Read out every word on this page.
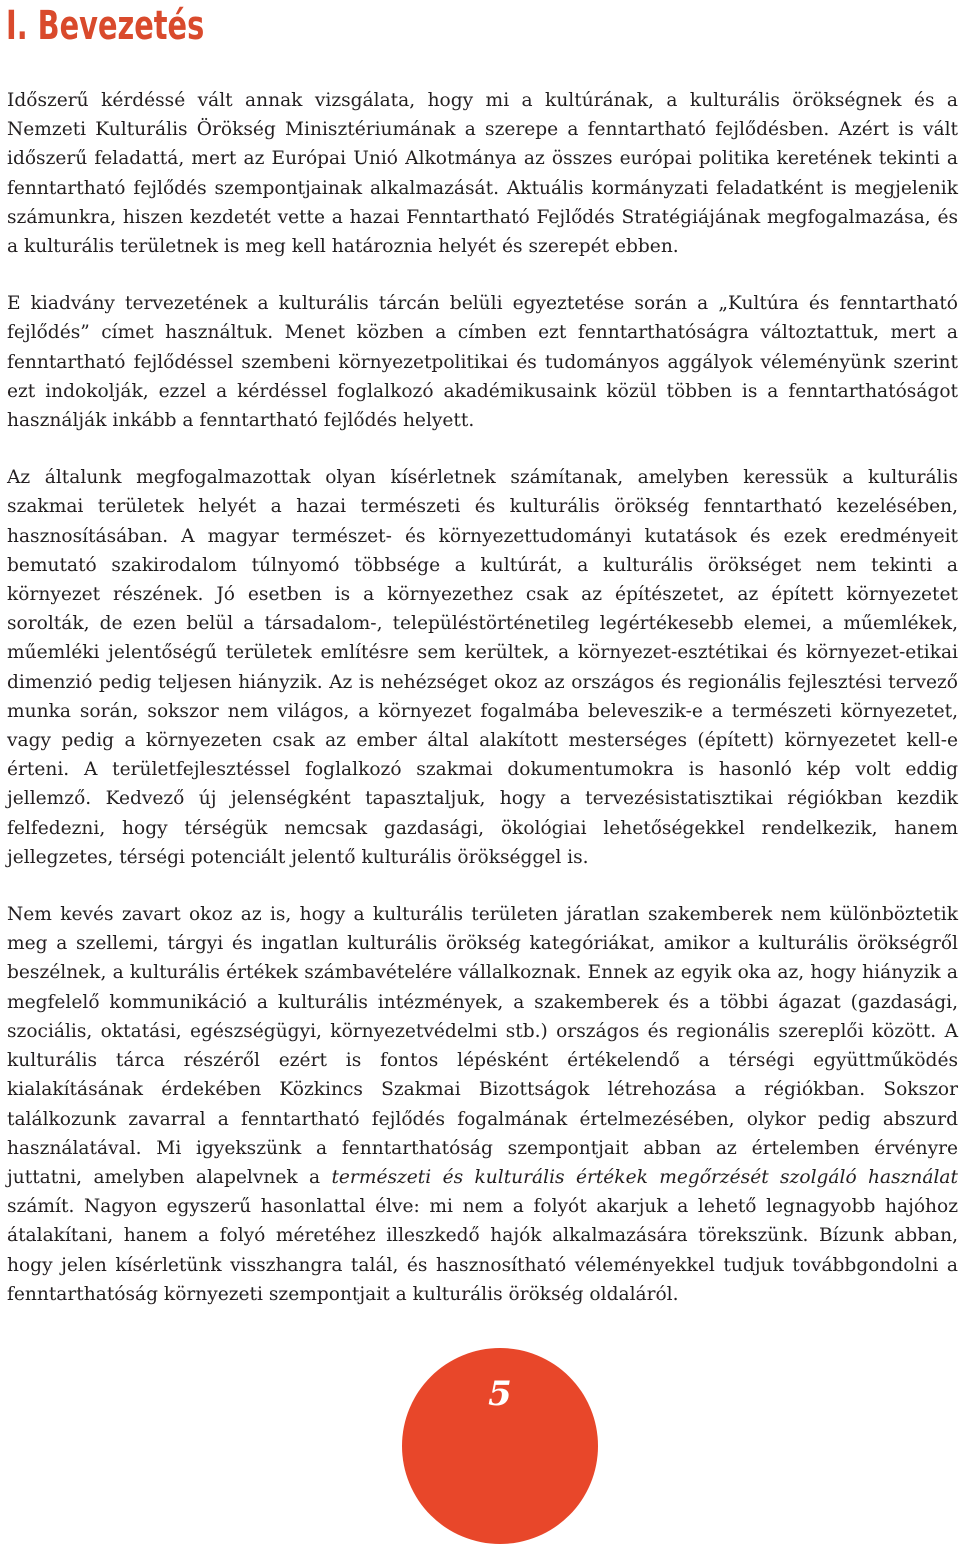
I. Bevezetés

Időszerű kérdéssé vált annak vizsgálata, hogy mi a kultúrának, a kulturális örökségnek és a Nemzeti Kulturális Örökség Minisztériumának a szerepe a fenntartható fejlődésben. Azért is vált időszerű feladattá, mert az Európai Unió Alkotmánya az összes európai politika keretének tekinti a fenntartható fejlődés szempontjainak alkalmazását. Aktuális kormányzati feladatként is megjelenik számunkra, hiszen kezdetét vette a hazai Fenntartható Fejlődés Stratégiájának megfogalmazása, és a kulturális területnek is meg kell határoznia helyét és szerepét ebben.

E kiadvány tervezetének a kulturális tárcán belüli egyeztetése során a „Kultúra és fenntartható fejlődés” címet használtuk. Menet közben a címben ezt fenntarthatóságra változtattuk, mert a fenntartható fejlődéssel szembeni környezetpolitikai és tudományos aggályok véleményünk szerint ezt indokolják, ezzel a kérdéssel foglalkozó akadémikusaink közül többen is a fenntarthatóságot használják inkább a fenntartható fejlődés helyett.

Az általunk megfogalmazottak olyan kísérletnek számítanak, amelyben keressük a kulturális szakmai területek helyét a hazai természeti és kulturális örökség fenntartható kezelésében, hasznosításában. A magyar természet- és környezettudományi kutatások és ezek eredményeit bemutató szakirodalom túlnyomó többsége a kultúrát, a kulturális örökséget nem tekinti a környezet részének. Jó esetben is a környezethez csak az építészetet, az épített környezetet sorolták, de ezen belül a társadalom-, településtörténetileg legértékesebb elemei, a műemlékek, műemléki jelentőségű területek említésre sem kerültek, a környezet-esztétikai és környezet-etikai dimenzió pedig teljesen hiányzik. Az is nehézséget okoz az országos és regionális fejlesztési tervező munka során, sokszor nem világos, a környezet fogalmába beleveszik-e a természeti környezetet, vagy pedig a környezeten csak az ember által alakított mesterséges (épített) környezetet kell-e érteni. A területfejlesztéssel foglalkozó szakmai dokumentumokra is hasonló kép volt eddig jellemző. Kedvező új jelenségként tapasztaljuk, hogy a tervezésistatisztikai régiókban kezdik felfedezni, hogy térségük nemcsak gazdasági, ökológiai lehetőségekkel rendelkezik, hanem jellegzetes, térségi potenciált jelentő kulturális örökséggel is.

Nem kevés zavart okoz az is, hogy a kulturális területen járatlan szakemberek nem különböztetik meg a szellemi, tárgyi és ingatlan kulturális örökség kategóriákat, amikor a kulturális örökségről beszélnek, a kulturális értékek számbavételére vállalkoznak. Ennek az egyik oka az, hogy hiányzik a megfelelő kommunikáció a kulturális intézmények, a szakemberek és a többi ágazat (gazdasági, szociális, oktatási, egészségügyi, környezetvédelmi stb.) országos és regionális szereplői között. A kulturális tárca részéről ezért is fontos lépésként értékelendő a térségi együttműködés kialakításának érdekében Közkincs Szakmai Bizottságok létrehozása a régiókban. Sokszor találkozunk zavarral a fenntartható fejlődés fogalmának értelmezésében, olykor pedig abszurd használatával. Mi igyekszünk a fenntarthatóság szempontjait abban az értelemben érvényre juttatni, amelyben alapelvnek a természeti és kulturális értékek megőrzését szolgáló használat számít. Nagyon egyszerű hasonlattal élve: mi nem a folyót akarjuk a lehető legnagyobb hajóhoz átalakítani, hanem a folyó méretéhez illeszkedő hajók alkalmazására törekszünk. Bízunk abban, hogy jelen kísérletünk visszhangra talál, és hasznosítható véleményekkel tudjuk továbbgondolni a fenntarthatóság környezeti szempontjait a kulturális örökség oldaláról.

5
